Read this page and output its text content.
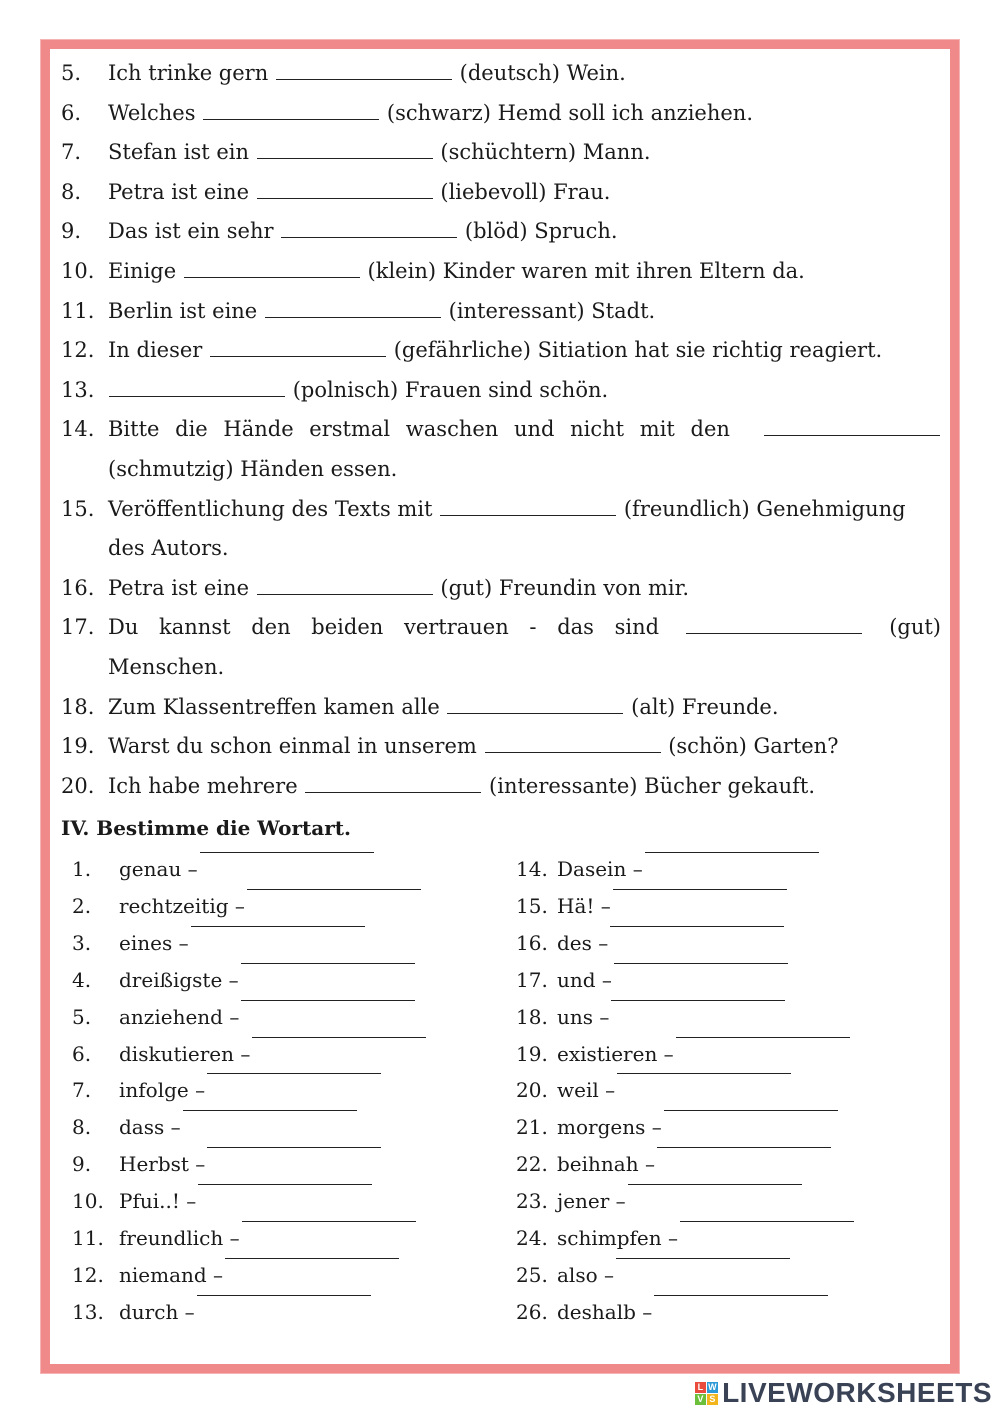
5.	Ich trinke gern	(deutsch) Wein.
6.	Welches	(schwarz) Hemd soll ich anziehen.
7.	Stefan ist ein	(schüchtern) Mann.
8.	Petra ist eine	(liebevoll) Frau.
9.	Das ist ein sehr	(blöd) Spruch.
10. Einige	(klein) Kinder waren mit ihren Eltern da.
11. Berlin ist eine	(interessant) Stadt.
12. In dieser	(gefährliche) Sitiation hat sie richtig reagiert.
13.	(polnisch) Frauen sind schön.
14. Bitte die Hände erstmal waschen und nicht mit den
(schmutzig) Händen essen.
15. Veröffentlichung des Texts mit	(freundlich) Genehmigung
des Autors.
16. Petra ist eine	(gut) Freundin von mir.
17. Du kannst den beiden vertrauen - das sind	(gut)
Menschen.
18. Zum Klassentreffen kamen alle	(alt) Freunde.
19. Warst du schon einmal in unserem	(schön) Garten?
20. Ich habe mehrere	(interessante) Bücher gekauft.
IV. Bestimme die Wortart.
1.	genau –
2.	rechtzeitig –
3.	eines –
4.	dreißigste –
5.	anziehend –
6.	diskutieren –
7.	infolge –
8.	dass –
9.	Herbst –
10. Pfui..! –
11. freundlich –
12. niemand –
13. durch –
14. Dasein –
15. Hä! –
16. des –
17. und –
18. uns –
19. existieren –
20. weil –
21. morgens –
22. beihnah –
23. jener –
24. schimpfen –
25. also –
26. deshalb –
L W
V S LIVEWORKSHEETS
